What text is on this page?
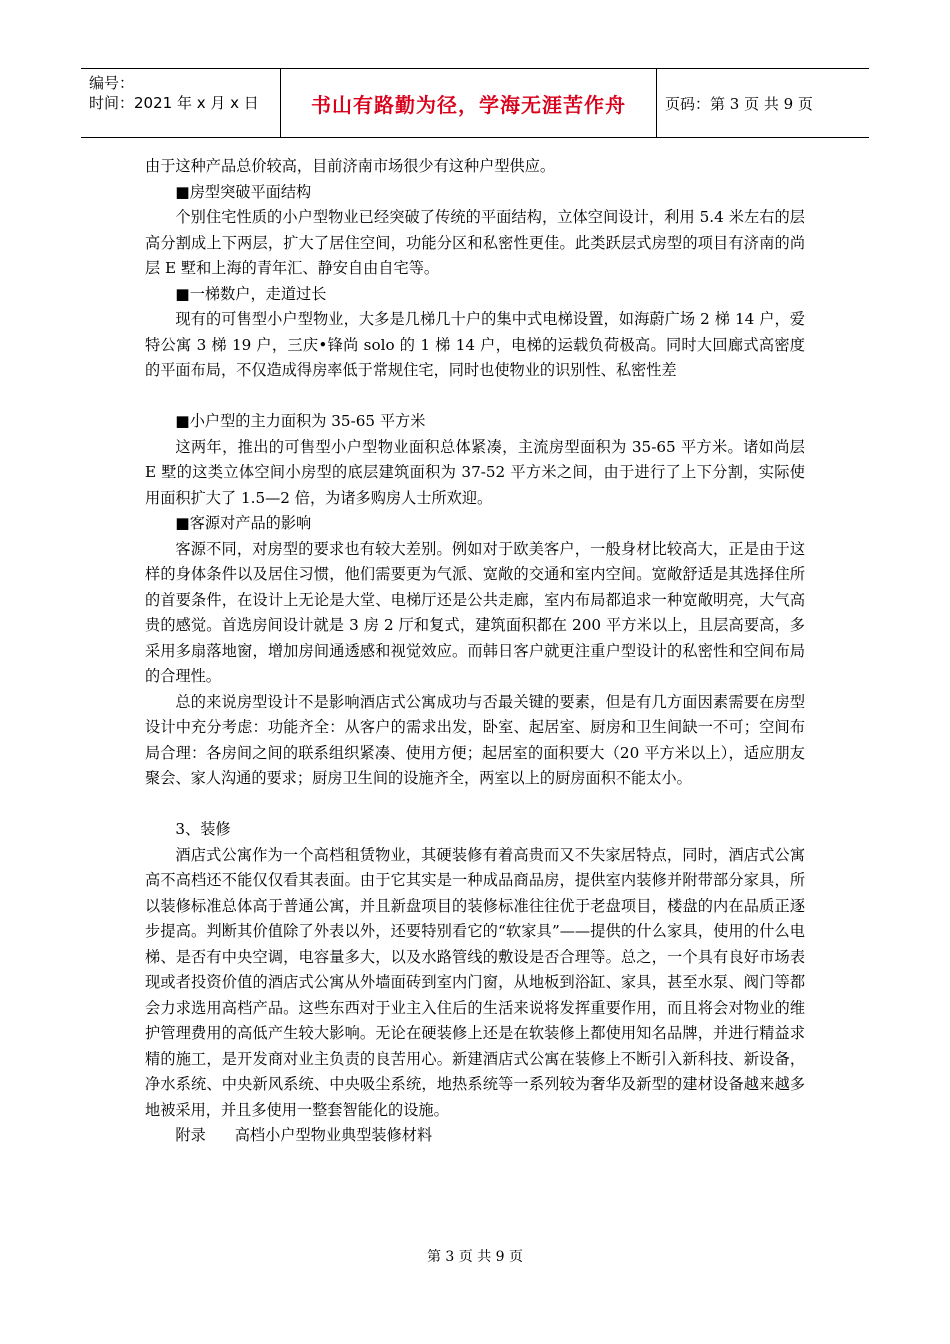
编号：
时间：2021 年 x 月 x 日	书山有路勤为径，学海无涯苦作舟	页码：第 3 页 共 9 页

由于这种产品总价较高，目前济南市场很少有这种户型供应。

■房型突破平面结构

个别住宅性质的小户型物业已经突破了传统的平面结构，立体空间设计，利用 5.4 米左右的层高分割成上下两层，扩大了居住空间，功能分区和私密性更佳。此类跃层式房型的项目有济南的尚层 E 墅和上海的青年汇、静安自由自宅等。

■一梯数户，走道过长

现有的可售型小户型物业，大多是几梯几十户的集中式电梯设置，如海蔚广场 2 梯 14 户，爱特公寓 3 梯 19 户，三庆•锋尚 solo 的 1 梯 14 户，电梯的运载负荷极高。同时大回廊式高密度的平面布局，不仅造成得房率低于常规住宅，同时也使物业的识别性、私密性差

■小户型的主力面积为 35-65 平方米

这两年，推出的可售型小户型物业面积总体紧凑，主流房型面积为 35-65 平方米。诸如尚层 E 墅的这类立体空间小房型的底层建筑面积为 37-52 平方米之间，由于进行了上下分割，实际使用面积扩大了 1.5—2 倍，为诸多购房人士所欢迎。

■客源对产品的影响

客源不同，对房型的要求也有较大差别。例如对于欧美客户，一般身材比较高大，正是由于这样的身体条件以及居住习惯，他们需要更为气派、宽敞的交通和室内空间。宽敞舒适是其选择住所的首要条件，在设计上无论是大堂、电梯厅还是公共走廊，室内布局都追求一种宽敞明亮，大气高贵的感觉。首选房间设计就是 3 房 2 厅和复式，建筑面积都在 200 平方米以上，且层高要高，多采用多扇落地窗，增加房间通透感和视觉效应。而韩日客户就更注重户型设计的私密性和空间布局的合理性。

总的来说房型设计不是影响酒店式公寓成功与否最关键的要素，但是有几方面因素需要在房型设计中充分考虑：功能齐全：从客户的需求出发，卧室、起居室、厨房和卫生间缺一不可；空间布局合理：各房间之间的联系组织紧凑、使用方便；起居室的面积要大（20 平方米以上），适应朋友聚会、家人沟通的要求；厨房卫生间的设施齐全，两室以上的厨房面积不能太小。

3、装修

酒店式公寓作为一个高档租赁物业，其硬装修有着高贵而又不失家居特点，同时，酒店式公寓高不高档还不能仅仅看其表面。由于它其实是一种成品商品房，提供室内装修并附带部分家具，所以装修标准总体高于普通公寓，并且新盘项目的装修标准往往优于老盘项目，楼盘的内在品质正逐步提高。判断其价值除了外表以外，还要特别看它的“软家具”——提供的什么家具，使用的什么电梯、是否有中央空调，电容量多大，以及水路管线的敷设是否合理等。总之，一个具有良好市场表现或者投资价值的酒店式公寓从外墙面砖到室内门窗，从地板到浴缸、家具，甚至水泵、阀门等都会力求选用高档产品。这些东西对于业主入住后的生活来说将发挥重要作用，而且将会对物业的维护管理费用的高低产生较大影响。无论在硬装修上还是在软装修上都使用知名品牌，并进行精益求精的施工，是开发商对业主负责的良苦用心。新建酒店式公寓在装修上不断引入新科技、新设备，净水系统、中央新风系统、中央吸尘系统，地热系统等一系列较为奢华及新型的建材设备越来越多地被采用，并且多使用一整套智能化的设施。

附录      高档小户型物业典型装修材料

第 3 页 共 9 页
